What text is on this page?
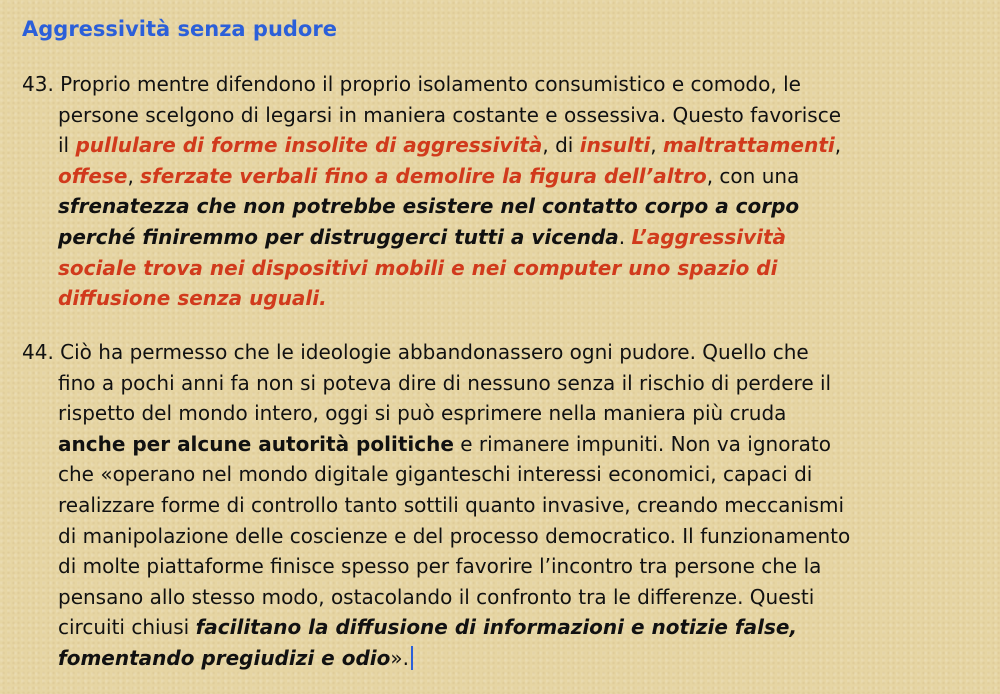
Aggressività senza pudore
43. Proprio mentre difendono il proprio isolamento consumistico e comodo, le
persone scelgono di legarsi in maniera costante e ossessiva. Questo favorisce
il pullulare di forme insolite di aggressività, di insulti, maltrattamenti,
offese, sferzate verbali fino a demolire la figura dell’altro, con una
sfrenatezza che non potrebbe esistere nel contatto corpo a corpo
perché finiremmo per distruggerci tutti a vicenda. L’aggressività
sociale trova nei dispositivi mobili e nei computer uno spazio di
diffusione senza uguali.
44. Ciò ha permesso che le ideologie abbandonassero ogni pudore. Quello che
fino a pochi anni fa non si poteva dire di nessuno senza il rischio di perdere il
rispetto del mondo intero, oggi si può esprimere nella maniera più cruda
anche per alcune autorità politiche e rimanere impuniti. Non va ignorato
che «operano nel mondo digitale giganteschi interessi economici, capaci di
realizzare forme di controllo tanto sottili quanto invasive, creando meccanismi
di manipolazione delle coscienze e del processo democratico. Il funzionamento
di molte piattaforme finisce spesso per favorire l’incontro tra persone che la
pensano allo stesso modo, ostacolando il confronto tra le differenze. Questi
circuiti chiusi facilitano la diffusione di informazioni e notizie false,
fomentando pregiudizi e odio».
